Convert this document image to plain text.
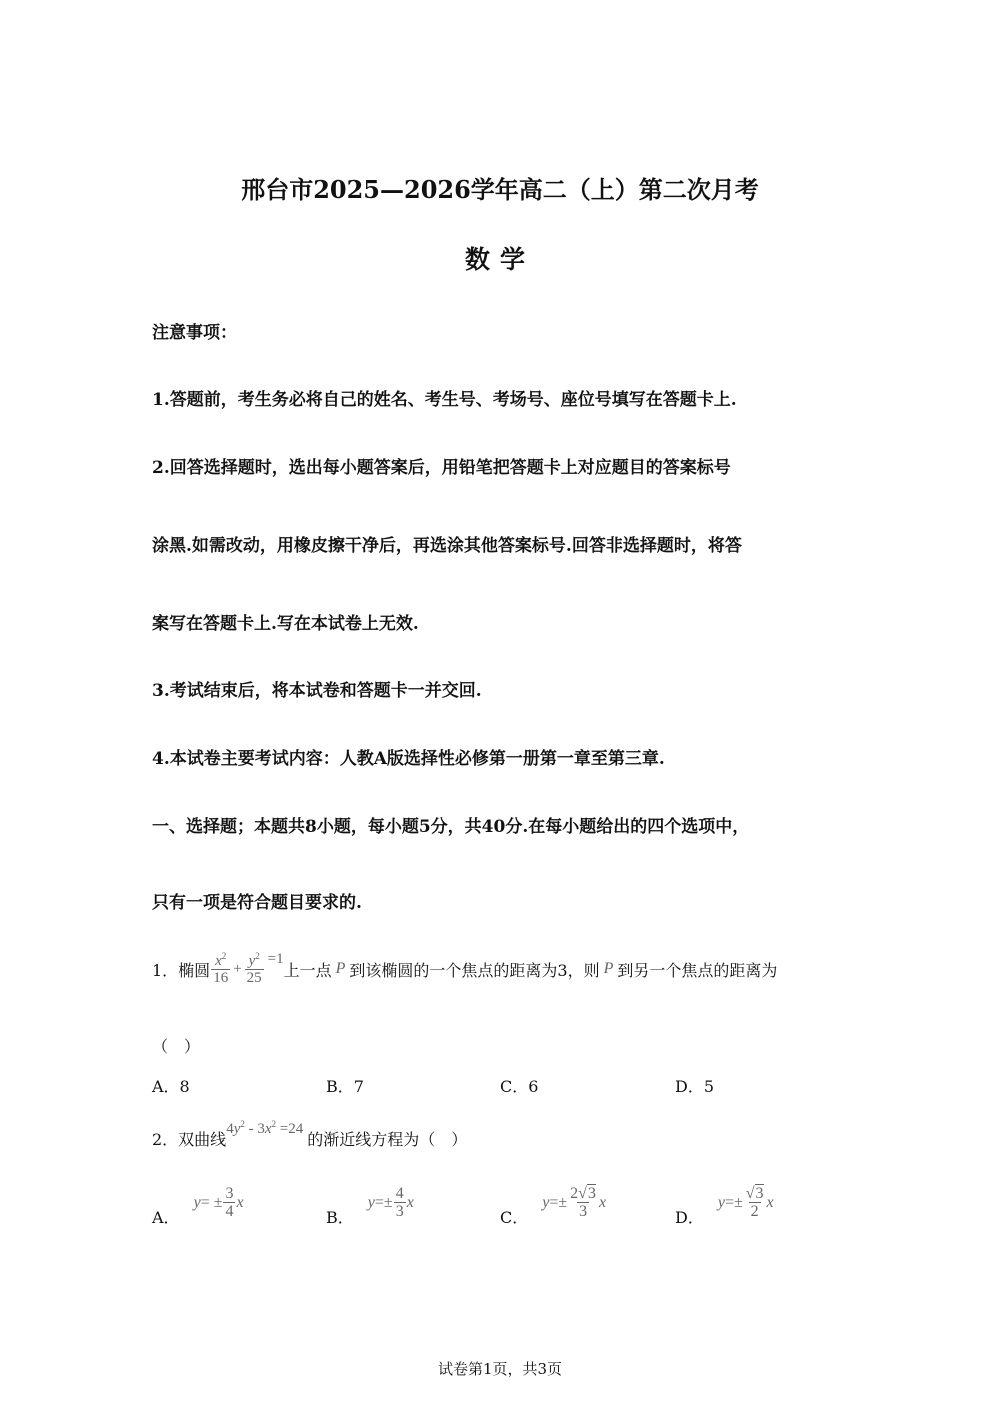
邢台市2025—2026学年高二（上）第二次月考
数学
注意事项：
1.答题前，考生务必将自己的姓名、考生号、考场号、座位号填写在答题卡上.
2.回答选择题时，选出每小题答案后，用铅笔把答题卡上对应题目的答案标号
涂黑.如需改动，用橡皮擦干净后，再选涂其他答案标号.回答非选择题时，将答
案写在答题卡上.写在本试卷上无效.
3.考试结束后，将本试卷和答题卡一并交回.
4.本试卷主要考试内容：人教A版选择性必修第一册第一章至第三章.
一、选择题；本题共8小题，每小题5分，共40分.在每小题给出的四个选项中，
只有一项是符合题目要求的.
1．椭圆 $\frac{x^2}{16} + \frac{y^2}{25} =1$
上一点 P 到该椭圆的一个焦点的距离为3，则 P 到另一个焦点的距离为
（　）
A．8	B．7	C．6	D．5
2．双曲线
$4y^2 - 3x^2 =24$
的渐近线方程为（　）
A．
y = ± $\frac{3}{4}$ x
B．
$y =\pm \frac{4}{3}$ x
C．
$y =\pm \frac{2√3}{3}$ x
D．
$y =\pm \frac{√3}{2}$ x
试卷第1页，共3页
